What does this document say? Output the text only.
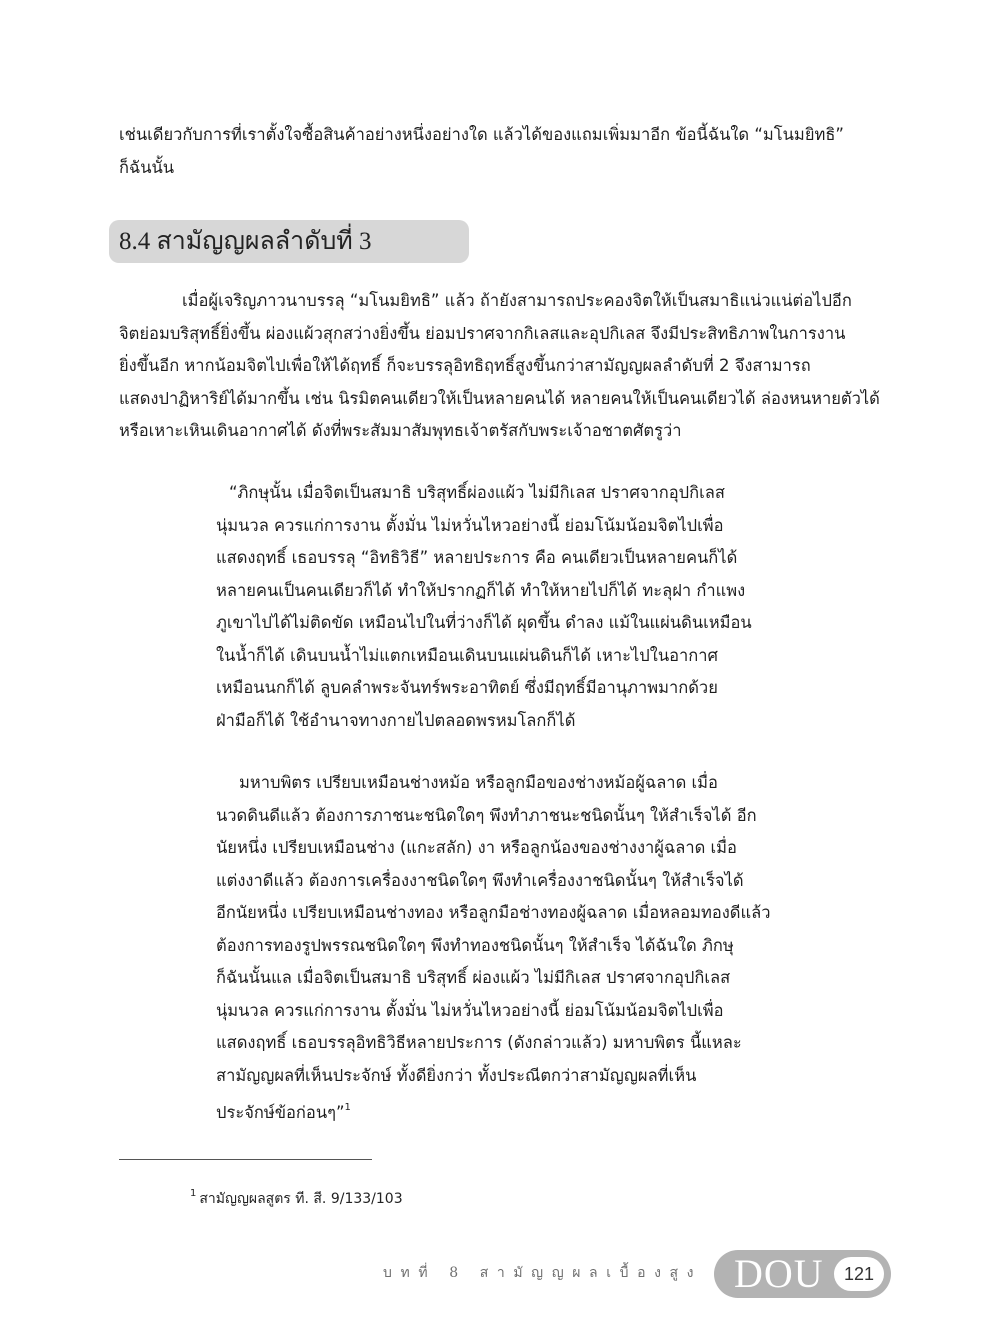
เช่นเดียวกับการที่เราตั้งใจซื้อสินค้าอย่างหนึ่งอย่างใด แล้วได้ของแถมเพิ่มมาอีก ข้อนี้ฉันใด “มโนมยิทธิ”
ก็ฉันนั้น
8.4 สามัญญผลลำดับที่ 3
เมื่อผู้เจริญภาวนาบรรลุ “มโนมยิทธิ” แล้ว ถ้ายังสามารถประคองจิตให้เป็นสมาธิแน่วแน่ต่อไปอีก
จิตย่อมบริสุทธิ์ยิ่งขึ้น ผ่องแผ้วสุกสว่างยิ่งขึ้น ย่อมปราศจากกิเลสและอุปกิเลส จึงมีประสิทธิภาพในการงาน
ยิ่งขึ้นอีก หากน้อมจิตไปเพื่อให้ได้ฤทธิ์ ก็จะบรรลุอิทธิฤทธิ์สูงขึ้นกว่าสามัญญผลลำดับที่ 2 จึงสามารถ
แสดงปาฏิหาริย์ได้มากขึ้น เช่น นิรมิตคนเดียวให้เป็นหลายคนได้ หลายคนให้เป็นคนเดียวได้ ล่องหนหายตัวได้
หรือเหาะเหินเดินอากาศได้ ดังที่พระสัมมาสัมพุทธเจ้าตรัสกับพระเจ้าอชาตศัตรูว่า
“ภิกษุนั้น เมื่อจิตเป็นสมาธิ บริสุทธิ์ผ่องแผ้ว ไม่มีกิเลส ปราศจากอุปกิเลส
นุ่มนวล ควรแก่การงาน ตั้งมั่น ไม่หวั่นไหวอย่างนี้ ย่อมโน้มน้อมจิตไปเพื่อ
แสดงฤทธิ์ เธอบรรลุ “อิทธิวิธี” หลายประการ คือ คนเดียวเป็นหลายคนก็ได้
หลายคนเป็นคนเดียวก็ได้ ทำให้ปรากฏก็ได้ ทำให้หายไปก็ได้ ทะลุฝา กำแพง
ภูเขาไปได้ไม่ติดขัด เหมือนไปในที่ว่างก็ได้ ผุดขึ้น ดำลง แม้ในแผ่นดินเหมือน
ในน้ำก็ได้ เดินบนน้ำไม่แตกเหมือนเดินบนแผ่นดินก็ได้ เหาะไปในอากาศ
เหมือนนกก็ได้ ลูบคลำพระจันทร์พระอาทิตย์ ซึ่งมีฤทธิ์มีอานุภาพมากด้วย
ฝ่ามือก็ได้ ใช้อำนาจทางกายไปตลอดพรหมโลกก็ได้
มหาบพิตร เปรียบเหมือนช่างหม้อ หรือลูกมือของช่างหม้อผู้ฉลาด เมื่อ
นวดดินดีแล้ว ต้องการภาชนะชนิดใดๆ พึงทำภาชนะชนิดนั้นๆ ให้สำเร็จได้ อีก
นัยหนึ่ง เปรียบเหมือนช่าง (แกะสลัก) งา หรือลูกน้องของช่างงาผู้ฉลาด เมื่อ
แต่งงาดีแล้ว ต้องการเครื่องงาชนิดใดๆ พึงทำเครื่องงาชนิดนั้นๆ ให้สำเร็จได้
อีกนัยหนึ่ง เปรียบเหมือนช่างทอง หรือลูกมือช่างทองผู้ฉลาด เมื่อหลอมทองดีแล้ว
ต้องการทองรูปพรรณชนิดใดๆ พึงทำทองชนิดนั้นๆ ให้สำเร็จ ได้ฉันใด ภิกษุ
ก็ฉันนั้นแล เมื่อจิตเป็นสมาธิ บริสุทธิ์ ผ่องแผ้ว ไม่มีกิเลส ปราศจากอุปกิเลส
นุ่มนวล ควรแก่การงาน ตั้งมั่น ไม่หวั่นไหวอย่างนี้ ย่อมโน้มน้อมจิตไปเพื่อ
แสดงฤทธิ์ เธอบรรลุอิทธิวิธีหลายประการ (ดังกล่าวแล้ว) มหาบพิตร นี้แหละ
สามัญญผลที่เห็นประจักษ์ ทั้งดียิ่งกว่า ทั้งประณีตกว่าสามัญญผลที่เห็น
ประจักษ์ข้อก่อนๆ”$^1$
$^1$ สามัญญผลสูตร ที. สี. 9/133/103
บทที่ 8 สามัญญผลเบื้องสูง DOU	121
